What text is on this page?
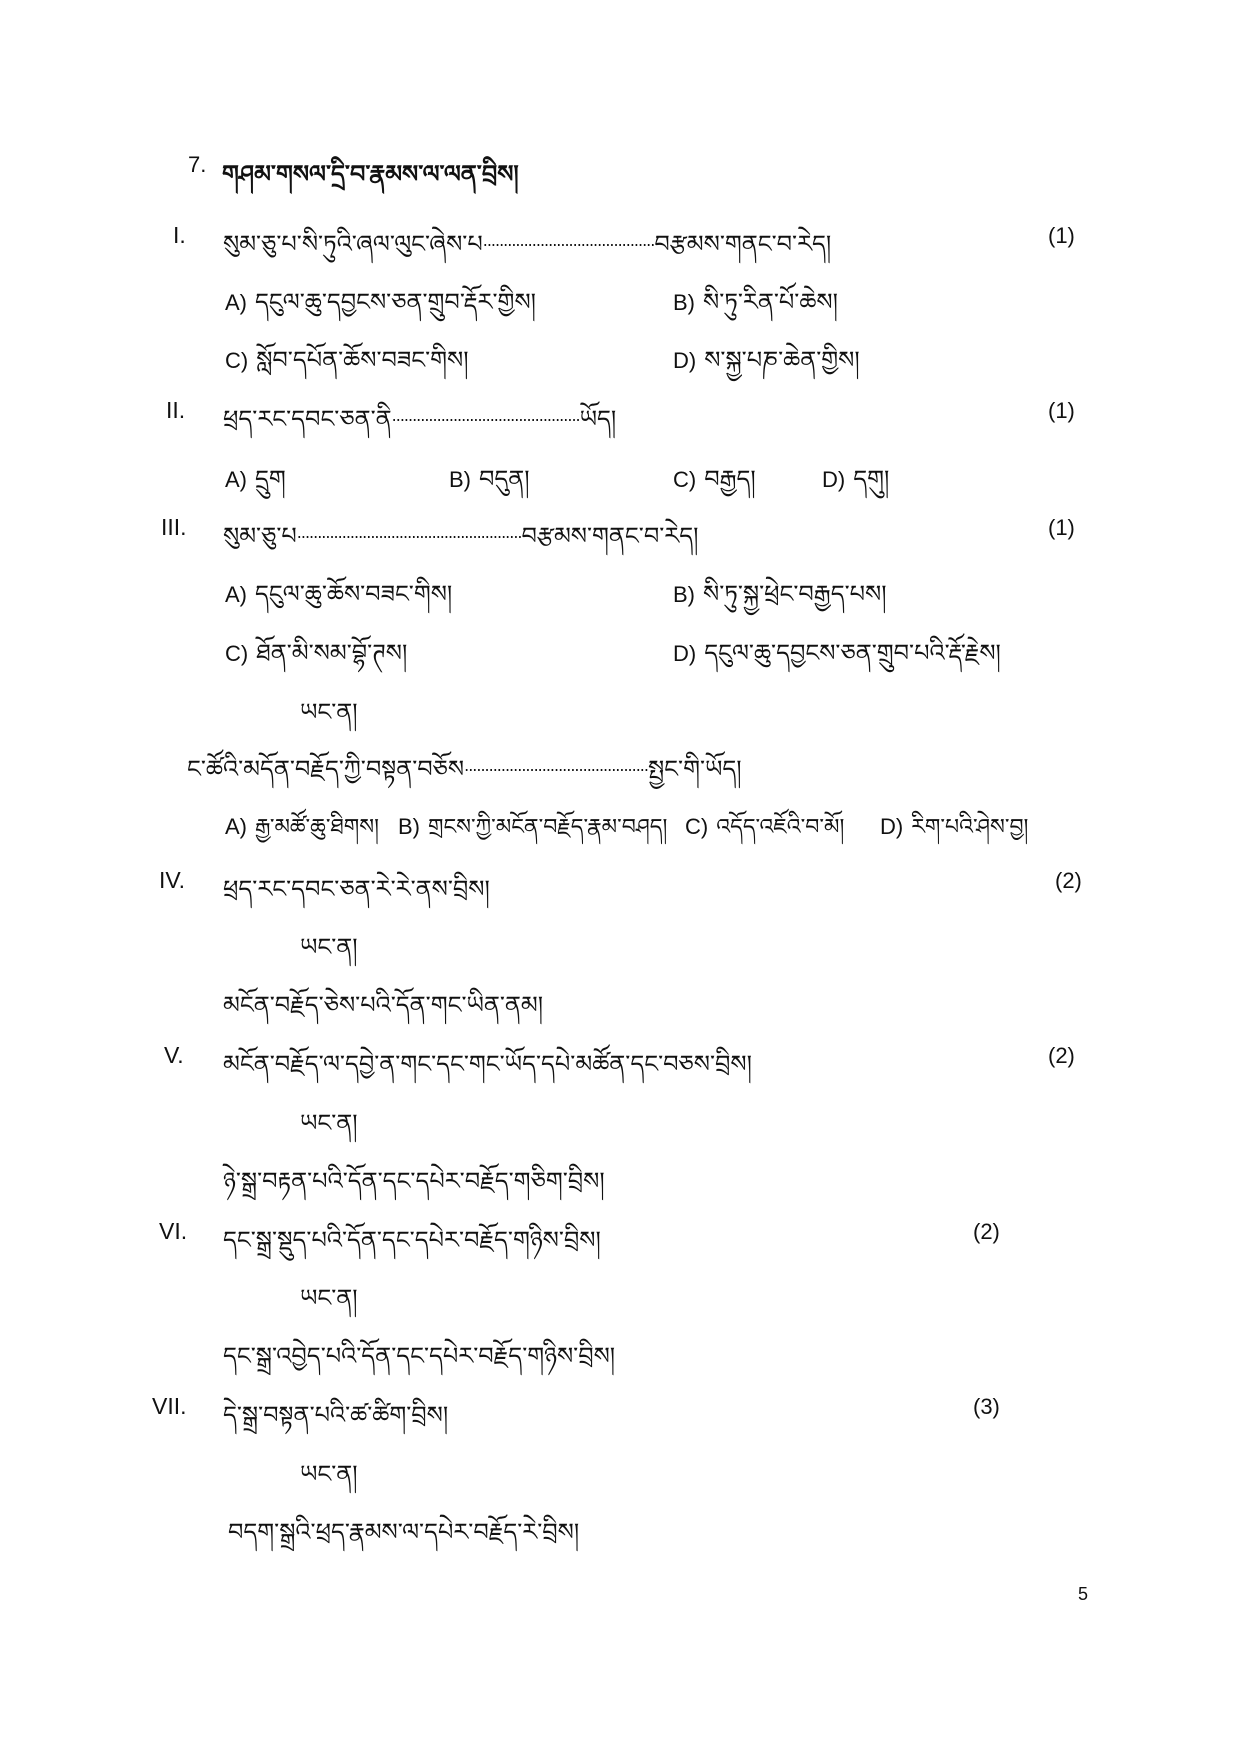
7. གཤམ་གསལ་དྲི་བ་རྣམས་ལ་ལན་བྲིས།
I. སུམ་ཅུ་པ་སི་ཏུའི་ཞལ་ལུང་ཞེས་པ..........................................བརྩམས་གནང་བ་རེད།	(1)
A) དངུལ་ཆུ་དབྱངས་ཅན་གྲུབ་རྡོར་གྱིས།	B) སི་ཏུ་རིན་པོ་ཆེས།
C) སློབ་དཔོན་ཆོས་བཟང་གིས།	D) ས་སྐྱ་པཎ་ཆེན་གྱིས།
II. ཕྲད་རང་དབང་ཅན་ནི..............................................ཡོད།	(1)
A) དྲུག	B) བདུན།	C) བརྒྱད།	D) དགུ།
III. སུམ་ཅུ་པ.......................................................བརྩམས་གནང་བ་རེད།	(1)
A) དངུལ་ཆུ་ཆོས་བཟང་གིས།	B) སི་ཏུ་སྐྱ་ཕྲེང་བརྒྱད་པས།
C) ཐོན་མི་སམ་བྷོ་ཊས།	D) དངུལ་ཆུ་དབྱངས་ཅན་གྲུབ་པའི་རྡོ་རྗེས།
ཡང་ན།
ང་ཚོའི་མདོན་བརྗོད་ཀྱི་བསྟན་བཅོས.............................................སྤྱང་གི་ཡོད།
A) རྒྱ་མཚོ་ཆུ་ཐིགས། B) གྲངས་ཀྱི་མངོན་བརྗོད་རྣམ་བཤད། C) འདོད་འཇོའི་བ་མོ། D) རིག་པའི་ཤེས་བྱ།
IV. ཕྲད་རང་དབང་ཅན་རེ་རེ་ནས་བྲིས།	(2)
ཡང་ན།
མངོན་བརྗོད་ཅེས་པའི་དོན་གང་ཡིན་ནམ།
V. མངོན་བརྗོད་ལ་དབྱེ་ན་གང་དང་གང་ཡོད་དཔེ་མཚོན་དང་བཅས་བྲིས།	(2)
ཡང་ན།
ཉེ་སྒྲ་བརྟན་པའི་དོན་དང་དཔེར་བརྗོད་གཅིག་བྲིས།
VI. དང་སྒྲ་སྡུད་པའི་དོན་དང་དཔེར་བརྗོད་གཉིས་བྲིས།	(2)
ཡང་ན།
དང་སྒྲ་འབྱེད་པའི་དོན་དང་དཔེར་བརྗོད་གཉིས་བྲིས།
VII. དེ་སྒྲ་བསྟན་པའི་ཚ་ཚིག་བྲིས།	(3)
ཡང་ན།
བདག་སྒྲའི་ཕྲད་རྣམས་ལ་དཔེར་བརྗོད་རེ་བྲིས།
5
